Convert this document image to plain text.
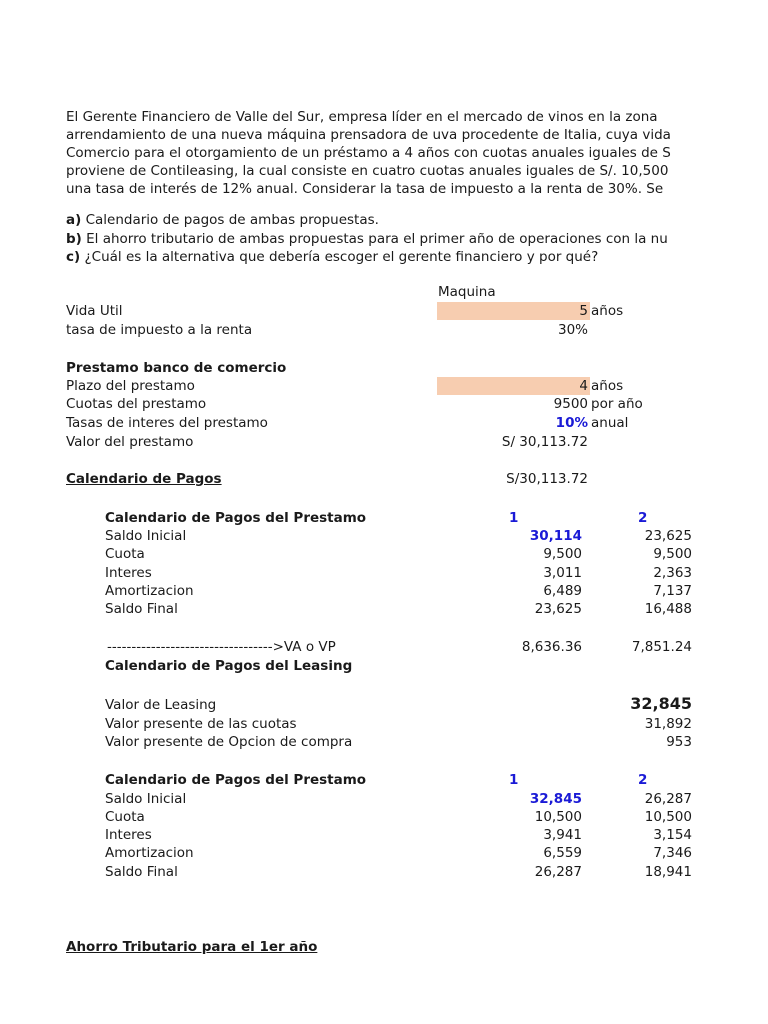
El Gerente Financiero de Valle del Sur, empresa líder en el mercado de vinos en la zona
arrendamiento de una nueva máquina prensadora de uva procedente de Italia, cuya vida
Comercio para el otorgamiento de un préstamo a 4 años con cuotas anuales iguales de S
proviene de Contileasing, la cual consiste en cuatro cuotas anuales iguales de S/. 10,500
una tasa de interés de 12% anual. Considerar la tasa de impuesto a la renta de 30%. Se
a) Calendario de pagos de ambas propuestas.
b) El ahorro tributario de ambas propuestas para el primer año de operaciones con la nu
c) ¿Cuál es la alternativa que debería escoger el gerente financiero y por qué?
Maquina
Vida Util	5 años
tasa de impuesto a la renta	30%
Prestamo banco de comercio
Plazo del prestamo	4 años
Cuotas del prestamo	9500 por año
Tasas de interes del prestamo	10% anual
Valor del prestamo	S/ 30,113.72
Calendario de Pagos	S/30,113.72
Calendario de Pagos del Prestamo	1	2
Saldo Inicial	30,114	23,625
Cuota	9,500	9,500
Interes	3,011	2,363
Amortizacion	6,489	7,137
Saldo Final	23,625	16,488
---------------------------------->VA o VP	8,636.36	7,851.24
Calendario de Pagos del Leasing
Valor de Leasing	32,845
Valor presente de las cuotas	31,892
Valor presente de Opcion de compra	953
Calendario de Pagos del Prestamo	1	2
Saldo Inicial	32,845	26,287
Cuota	10,500	10,500
Interes	3,941	3,154
Amortizacion	6,559	7,346
Saldo Final	26,287	18,941
Ahorro Tributario para el 1er año
